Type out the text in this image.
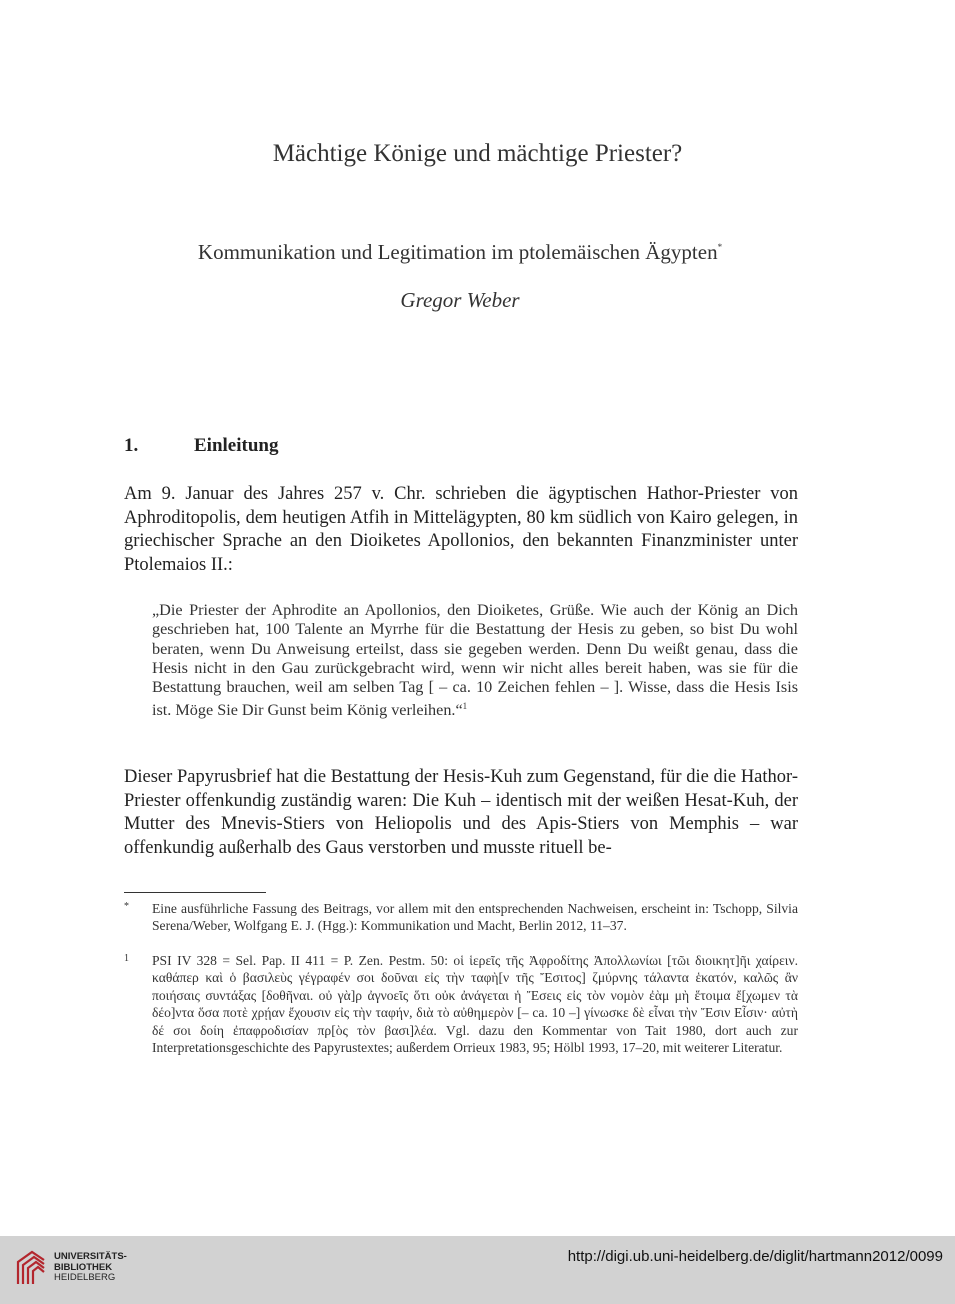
Mächtige Könige und mächtige Priester?
Kommunikation und Legitimation im ptolemäischen Ägypten*
Gregor Weber
1.	Einleitung

Am 9. Januar des Jahres 257 v. Chr. schrieben die ägyptischen Hathor-Priester von Aphroditopolis, dem heutigen Atfih in Mittelägypten, 80 km südlich von Kairo gelegen, in griechischer Sprache an den Dioiketes Apollonios, den bekannten Finanzminister unter Ptolemaios II.:

„Die Priester der Aphrodite an Apollonios, den Dioiketes, Grüße. Wie auch der König an Dich geschrieben hat, 100 Talente an Myrrhe für die Bestattung der Hesis zu geben, so bist Du wohl beraten, wenn Du Anweisung erteilst, dass sie gegeben werden. Denn Du weißt genau, dass die Hesis nicht in den Gau zurückgebracht wird, wenn wir nicht alles bereit haben, was sie für die Bestattung brauchen, weil am selben Tag [ – ca. 10 Zeichen fehlen – ]. Wisse, dass die Hesis Isis ist. Möge Sie Dir Gunst beim König verleihen.“$^1$

Dieser Papyrusbrief hat die Bestattung der Hesis-Kuh zum Gegenstand, für die die Hathor-Priester offenkundig zuständig waren: Die Kuh – identisch mit der weißen Hesat-Kuh, der Mutter des Mnevis-Stiers von Heliopolis und des Apis-Stiers von Memphis – war offenkundig außerhalb des Gaus verstorben und musste rituell be-

* Eine ausführliche Fassung des Beitrags, vor allem mit den entsprechenden Nachweisen, erscheint in: Tschopp, Silvia Serena/Weber, Wolfgang E. J. (Hgg.): Kommunikation und Macht, Berlin 2012, 11–37.

1 PSI IV 328 = Sel. Pap. II 411 = P. Zen. Pestm. 50: οἱ ἱερεῖς τῆς Ἀφροδίτης Ἀπολλωνίωι [τῶι διοικητ]ῆι χαίρειν. καθάπερ καὶ ὁ βασιλεὺς γέγραφέν σοι δοῦναι εἰς τὴν ταφὴ[ν τῆς Ἔσιτος] ζμύρνης τάλαντα ἑκατόν, καλῶς ἂν ποιήσαις συντάξας [δοθῆναι. οὐ γὰ]ρ ἀγνοεῖς ὅτι οὐκ ἀνάγεται ἡ Ἔσεις εἰς τὸν νομὸν ἐὰμ μὴ ἕτοιμα ἔ[χωμεν τὰ δέο]ντα ὅσα ποτὲ χρῄαν ἔχουσιν εἰς τὴν ταφήν, διὰ τὸ αὐθημερὸν [– ca. 10 –] γίνωσκε δὲ εἶναι τὴν Ἔσιν Εἶσιν· αὐτὴ δέ σοι δοίη ἐπαφροδισίαν πρ[ὸς τὸν βασι]λέα. Vgl. dazu den Kommentar von Tait 1980, dort auch zur Interpretationsgeschichte des Papyrustextes; außerdem Orrieux 1983, 95; Hölbl 1993, 17–20, mit weiterer Literatur.

UNIVERSITÄTS-
BIBLIOTHEK
HEIDELBERG
http://digi.ub.uni-heidelberg.de/diglit/hartmann2012/0099
